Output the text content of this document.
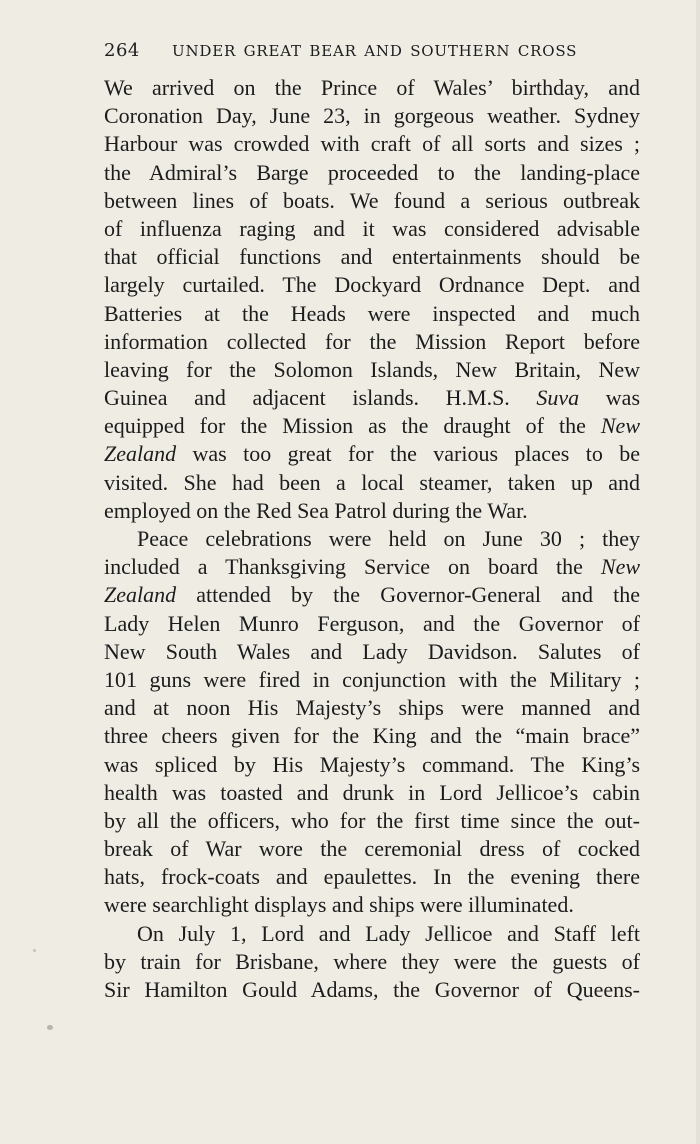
264 UNDER GREAT BEAR AND SOUTHERN CROSS
We arrived on the Prince of Wales’ birthday, and
Coronation Day, June 23, in gorgeous weather. Sydney
Harbour was crowded with craft of all sorts and sizes ;
the Admiral’s Barge proceeded to the landing-place
between lines of boats. We found a serious outbreak
of influenza raging and it was considered advisable
that official functions and entertainments should be
largely curtailed. The Dockyard Ordnance Dept. and
Batteries at the Heads were inspected and much
information collected for the Mission Report before
leaving for the Solomon Islands, New Britain, New
Guinea and adjacent islands. H.M.S. Suva was
equipped for the Mission as the draught of the New
Zealand was too great for the various places to be
visited. She had been a local steamer, taken up and
employed on the Red Sea Patrol during the War.
Peace celebrations were held on June 30 ; they
included a Thanksgiving Service on board the New
Zealand attended by the Governor-General and the
Lady Helen Munro Ferguson, and the Governor of
New South Wales and Lady Davidson. Salutes of
101 guns were fired in conjunction with the Military ;
and at noon His Majesty’s ships were manned and
three cheers given for the King and the “main brace”
was spliced by His Majesty’s command. The King’s
health was toasted and drunk in Lord Jellicoe’s cabin
by all the officers, who for the first time since the out-
break of War wore the ceremonial dress of cocked
hats, frock-coats and epaulettes. In the evening there
were searchlight displays and ships were illuminated.
On July 1, Lord and Lady Jellicoe and Staff left
by train for Brisbane, where they were the guests of
Sir Hamilton Gould Adams, the Governor of Queens-
